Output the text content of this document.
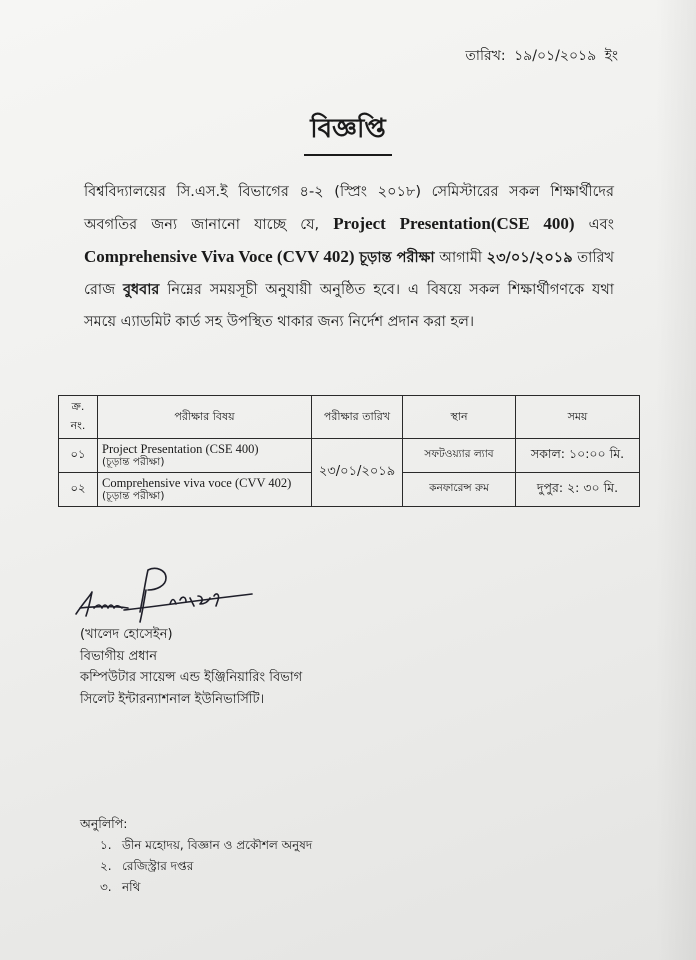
তারিখ: ১৯/০১/২০১৯ ইং
বিজ্ঞপ্তি
বিশ্ববিদ্যালয়ের সি.এস.ই বিভাগের ৪-২ (স্প্রিং ২০১৮) সেমিস্টারের সকল শিক্ষার্থীদের অবগতির জন্য জানানো যাচ্ছে যে, Project Presentation(CSE 400) এবং Comprehensive Viva Voce (CVV 402) চূড়ান্ত পরীক্ষা আগামী ২৩/০১/২০১৯ তারিখ রোজ বুধবার নিম্নের সময়সূচী অনুযায়ী অনুষ্ঠিত হবে। এ বিষয়ে সকল শিক্ষার্থীগণকে যথা সময়ে এ্যাডমিট কার্ড সহ উপস্থিত থাকার জন্য নির্দেশ প্রদান করা হল।
ক্র. নং.	পরীক্ষার বিষয়	পরীক্ষার তারিখ	স্থান	সময়
০১	Project Presentation (CSE 400)
(চূড়ান্ত পরীক্ষা)	২৩/০১/২০১৯	সফটওয়্যার ল্যাব	সকাল: ১০:০০ মি.
০২	Comprehensive viva voce (CVV 402)
(চূড়ান্ত পরীক্ষা)		কনফারেন্স রুম	দুপুর: ২: ৩০ মি.
(খালেদ হোসেইন)
বিভাগীয় প্রধান
কম্পিউটার সায়েন্স এন্ড ইঞ্জিনিয়ারিং বিভাগ
সিলেট ইন্টারন্যাশনাল ইউনিভার্সিটি।
অনুলিপি:
১. ডীন মহোদয়, বিজ্ঞান ও প্রকৌশল অনুষদ
২. রেজিস্ট্রার দপ্তর
৩. নথি
